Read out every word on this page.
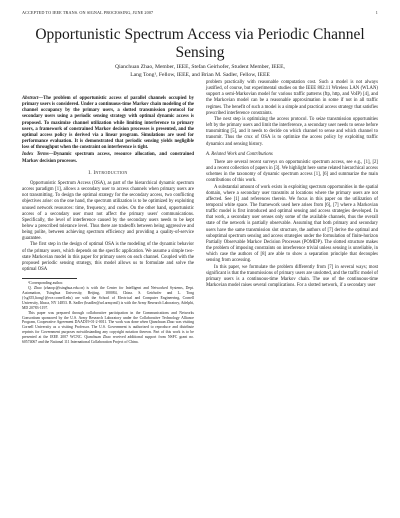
ACCEPTED TO IEEE TRANS. ON SIGNAL PROCESSING, JUNE 2007	1
Opportunistic Spectrum Access via Periodic Channel Sensing
Qianchuan Zhao, Member, IEEE, Stefan Geirhofer, Student Member, IEEE,
Lang Tong¹, Fellow, IEEE, and Brian M. Sadler, Fellow, IEEE

Abstract—The problem of opportunistic access of parallel channels occupied by primary users is considered. Under a continuous-time Markov chain modeling of the channel occupancy by the primary users, a slotted transmission protocol for secondary users using a periodic sensing strategy with optimal dynamic access is proposed. To maximize channel utilization while limiting interference to primary users, a framework of constrained Markov decision processes is presented, and the optimal access policy is derived via a linear program. Simulations are used for performance evaluation. It is demonstrated that periodic sensing yields negligible loss of throughput when the constraint on interference is tight.

Index Terms—Dynamic spectrum access, resource allocation, and constrained Markov decision processes.

I. Introduction

Opportunistic Spectrum Access (OSA), as part of the hierarchical dynamic spectrum access paradigm [1], allows a secondary user to access channels when primary users are not transmitting. To design the optimal strategy for the secondary access, two conflicting objectives arise: on the one hand, the spectrum utilization is to be optimized by exploiting unused network resources: time, frequency, and codes. On the other hand, opportunistic access of a secondary user must not affect the primary users' communications. Specifically, the level of interference caused by the secondary users needs to be kept below a prescribed tolerance level. Thus there are tradeoffs between being aggressive and being polite, between achieving spectrum efficiency and providing a quality-of-service guarantee.

The first step in the design of optimal OSA is the modeling of the dynamic behavior of the primary users, which depends on the specific application. We assume a simple two-state Markovian model in this paper for primary users on each channel. Coupled with the proposed periodic sensing strategy, this model allows us to formulate and solve the optimal OSA

¹Corresponding author.

Q. Zhao (zhaoqc@tsinghua.edu.cn) is with the Center for Intelligent and Networked Systems, Dept. Automation, Tsinghua University, Beijing, 100084, China. S. Geirhofer and L. Tong ({sg355,ltong}@ece.cornell.edu) are with the School of Electrical and Computer Engineering, Cornell University, Ithaca, NY 14853. B. Sadler (bsadler@arl.army.mil) is with the Army Research Laboratory, Adelphi, MD 20783-1197.

This paper was prepared through collaborative participation in the Communications and Networks Consortium sponsored by the U.S. Army Research Laboratory under the Collaborative Technology Alliance Program, Cooperative Agreement DAAD19-01-2-0011. The work was done when Qianchuan Zhao was visiting Cornell University as a visiting Professor. The U.S. Government is authorized to reproduce and distribute reprints for Government purposes notwithstanding any copyright notation thereon. Part of this work is to be presented at the IEEE 2007 WCNC. Qianchuan Zhao received additional support from NSFC grant no. 60574067 and the National 111 International Collaboration Project of China.

problem practically with reasonable computation cost. Such a model is not always justified, of course, but experimental studies on the IEEE 802.11 Wireless LAN (WLAN) support a semi-Markovian model for various traffic patterns (ftp, http, and VoIP) [4], and the Markovian model can be a reasonable approximation in some if not in all traffic regimes. The benefit of such a model is a simple and practical access strategy that satisfies prescribed interference constraints.

The next step is optimizing the access protocol. To seize transmission opportunities left by the primary users and limit the interference, a secondary user needs to sense before transmitting [5], and it needs to decide on which channel to sense and which channel to transmit. Thus the crux of OSA is to optimize the access policy by exploiting traffic dynamics and sensing history.

A. Related Work and Contributions

There are several recent surveys on opportunistic spectrum access, see e.g., [1], [2] and a recent collection of papers in [3]. We highlight here some related hierarchical access schemes in the taxonomy of dynamic spectrum access [1], [6] and summarize the main contributions of this work.

A substantial amount of work exists in exploiting spectrum opportunities in the spatial domain, where a secondary user transmits at locations where the primary users are not affected. See [1] and references therein. We focus in this paper on the utilization of temporal white space. The framework used here arises from [6], [7] where a Markovian traffic model is first introduced and optimal sensing and access strategies developed. In that work, a secondary user senses only some of the available channels, thus the overall state of the network is partially observable. Assuming that both primary and secondary users have the same transmission slot structure, the authors of [7] derive the optimal and suboptimal spectrum sensing and access strategies under the formulation of finite-horizon Partially Observable Markov Decision Processes (POMDP). The slotted structure makes the problem of imposing constraints on interference trivial unless sensing is unreliable, in which case the authors of [8] are able to show a separation principle that decouples sensing from accessing.

In this paper, we formulate the problem differently from [7] in several ways; most significant is that the transmissions of primary users are unslotted, and the traffic model of primary users is a continuous-time Markov chain. The use of the continuous-time Markovian model raises several complications. For a slotted network, if a secondary user
